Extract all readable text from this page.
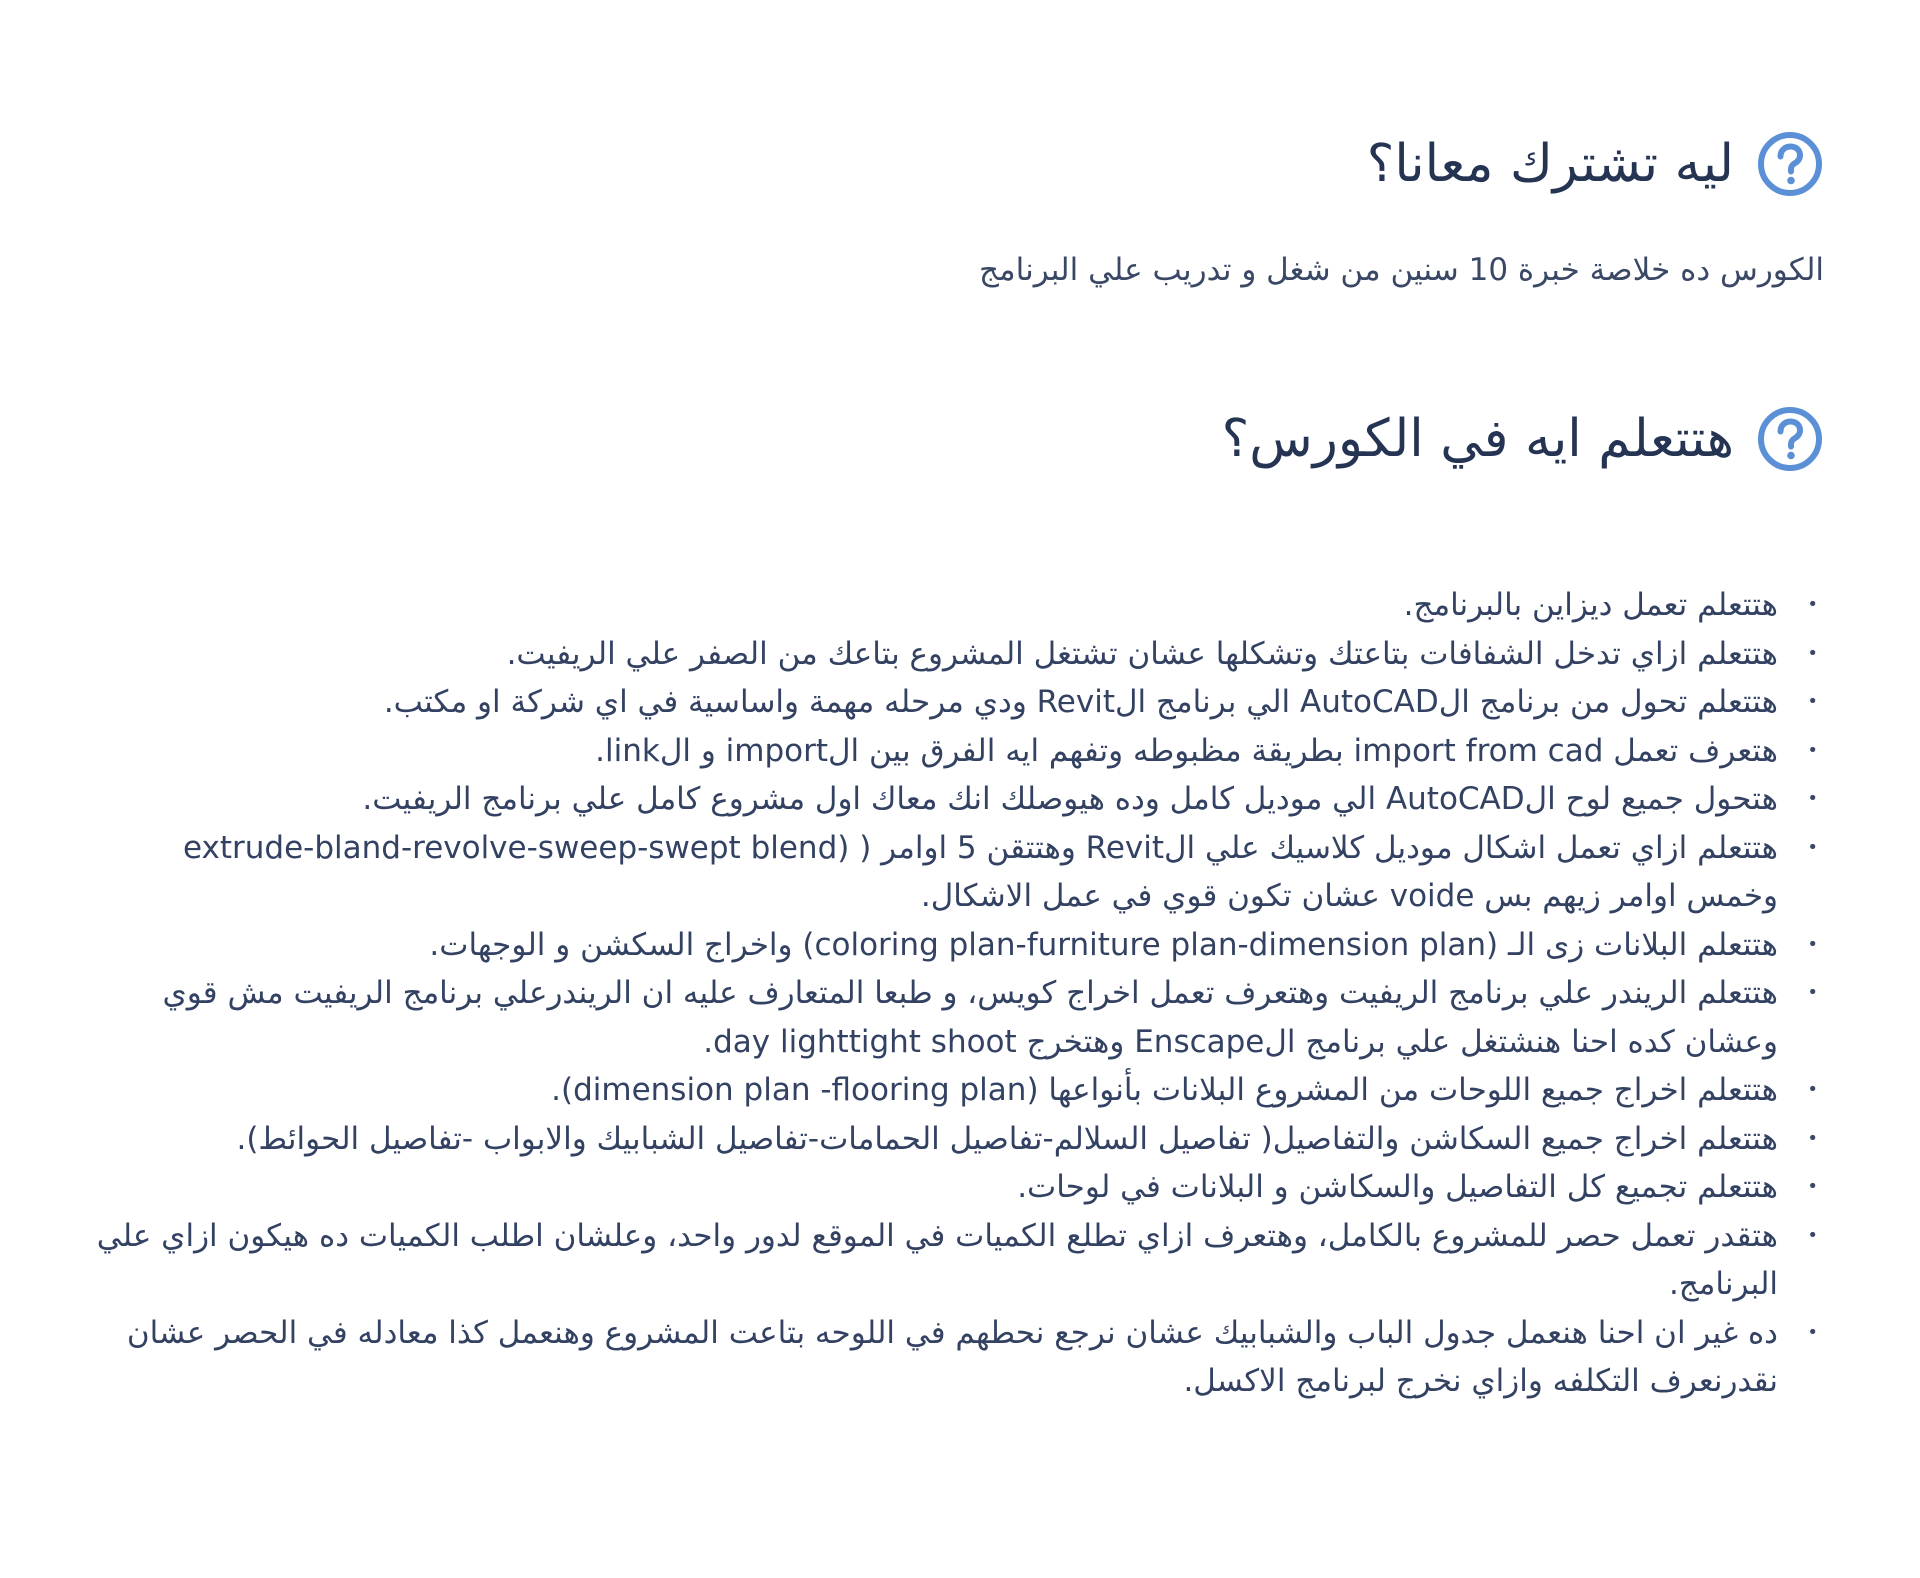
ليه تشترك معانا؟

الكورس ده خلاصة خبرة 10 سنين من شغل و تدريب علي البرنامج

هتتعلم ايه في الكورس؟
• هتتعلم تعمل ديزاين بالبرنامج.
• هتتعلم ازاي تدخل الشفافات بتاعتك وتشكلها عشان تشتغل المشروع بتاعك من الصفر علي الريفيت.
• هتتعلم تحول من برنامج الAutoCAD الي برنامج الRevit ودي مرحله مهمة واساسية في اي شركة او مكتب.
• هتعرف تعمل import from cad بطريقة مظبوطه وتفهم ايه الفرق بين الimport و الlink.
• هتحول جميع لوح الAutoCAD الي موديل كامل وده هيوصلك انك معاك اول مشروع كامل علي برنامج الريفيت.
• هتتعلم ازاي تعمل اشكال موديل كلاسيك علي الRevit وهتتقن 5 اوامر ( (extrude-bland-revolve-sweep-swept blend وخمس اوامر زيهم بس voide عشان تكون قوي في عمل الاشكال.
• هتتعلم البلانات زى الـ (coloring plan-furniture plan-dimension plan) واخراج السكشن و الوجهات.
• هتتعلم الريندر علي برنامج الريفيت وهتعرف تعمل اخراج كويس، و طبعا المتعارف عليه ان الريندرعلي برنامج الريفيت مش قوي وعشان كده احنا هنشتغل علي برنامج الEnscape وهتخرج day lighttight shoot.
• هتتعلم اخراج جميع اللوحات من المشروع البلانات بأنواعها (dimension plan -flooring plan).
• هتتعلم اخراج جميع السكاشن والتفاصيل( تفاصيل السلالم-تفاصيل الحمامات-تفاصيل الشبابيك والابواب -تفاصيل الحوائط).
• هتتعلم تجميع كل التفاصيل والسكاشن و البلانات في لوحات.
• هتقدر تعمل حصر للمشروع بالكامل، وهتعرف ازاي تطلع الكميات في الموقع لدور واحد، وعلشان اطلب الكميات ده هيكون ازاي علي البرنامج.
• ده غير ان احنا هنعمل جدول الباب والشبابيك عشان نرجع نحطهم في اللوحه بتاعت المشروع وهنعمل كذا معادله في الحصر عشان نقدرنعرف التكلفه وازاي نخرج لبرنامج الاكسل.
